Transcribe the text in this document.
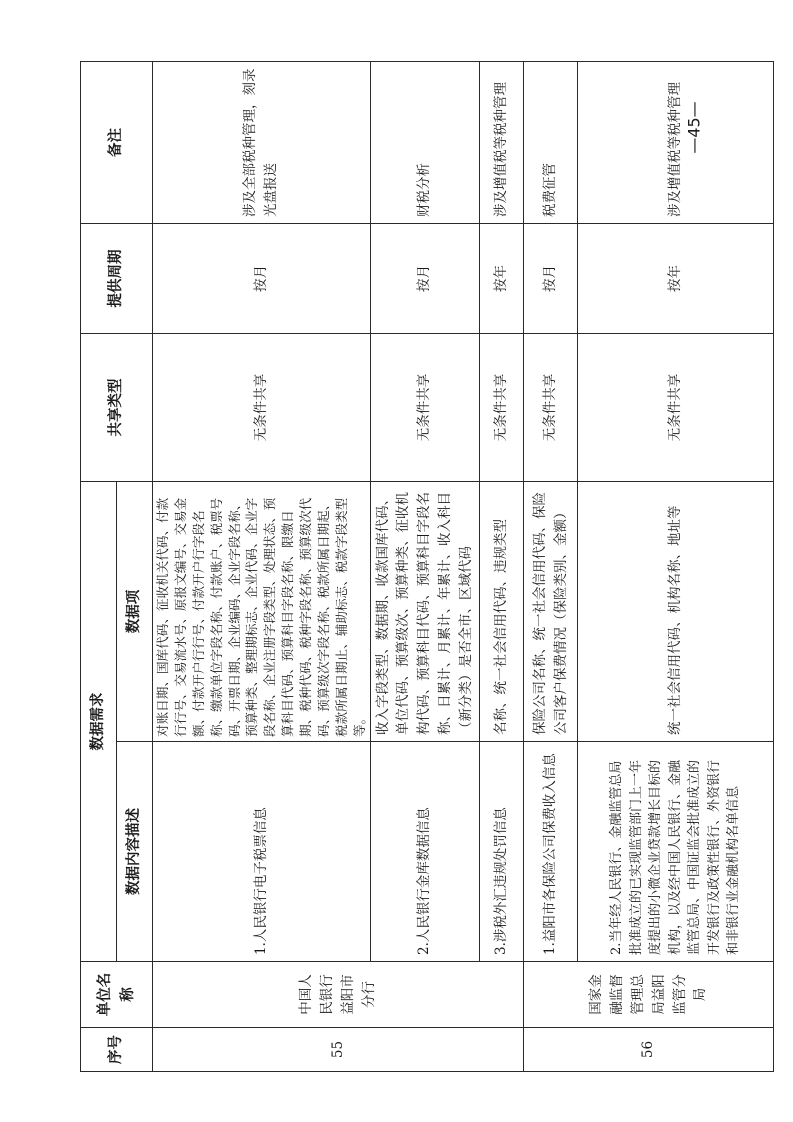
序号	单位名称	数据需求		共享类型	提供周期	备注
		数据内容描述	数据项			
55	中国人民银行益阳市分行	1.人民银行电子税票信息	对账日期、国库代码、征收机关代码、付款行行号、交易流水号、原报文编号、交易金额、付款开户行行号、付款开户行字段名称、缴款单位字段名称、付款账户、税票号码、开票日期、企业编码、企业字段名称、预算种类、整理期标志、企业代码、企业字段名称、企业注册字段类型、处理状态、预算科目代码、预算科目字段名称、限缴日期、税种代码、税种字段名称、预算级次代码、预算级次字段名称、税款所属日期起、税款所属日期止、辅助标志、税款字段类型等。	无条件共享	按月	涉及全部税种管理，刻录光盘报送
		2.人民银行金库数据信息	收入字段类型、数据期、收款国库代码、单位代码、预算级次、预算种类、征收机构代码、预算科目代码、预算科目字段名称、日累计、月累计、年累计、收入科目（新分类）是否全市、区域代码	无条件共享	按月	财税分析
		3.涉税外汇违规处罚信息	名称、统一社会信用代码、违规类型	无条件共享	按年	涉及增值税等税种管理
56	国家金融监督管理总局益阳监管分局	1.益阳市各保险公司保费收入信息	保险公司名称、统一社会信用代码、保险公司客户保费情况（保险类别、金额）	无条件共享	按月	税费征管
		2.当年经人民银行、金融监管总局批准成立的已实现监管部门上一年度提出的小微企业贷款增长目标的机构，以及经中国人民银行、金融监管总局、中国证监会批准成立的开发银行及政策性银行、外资银行和非银行业金融机构名单信息	统一社会信用代码、机构名称、地址等	无条件共享	按年	涉及增值税等税种管理 —45—
